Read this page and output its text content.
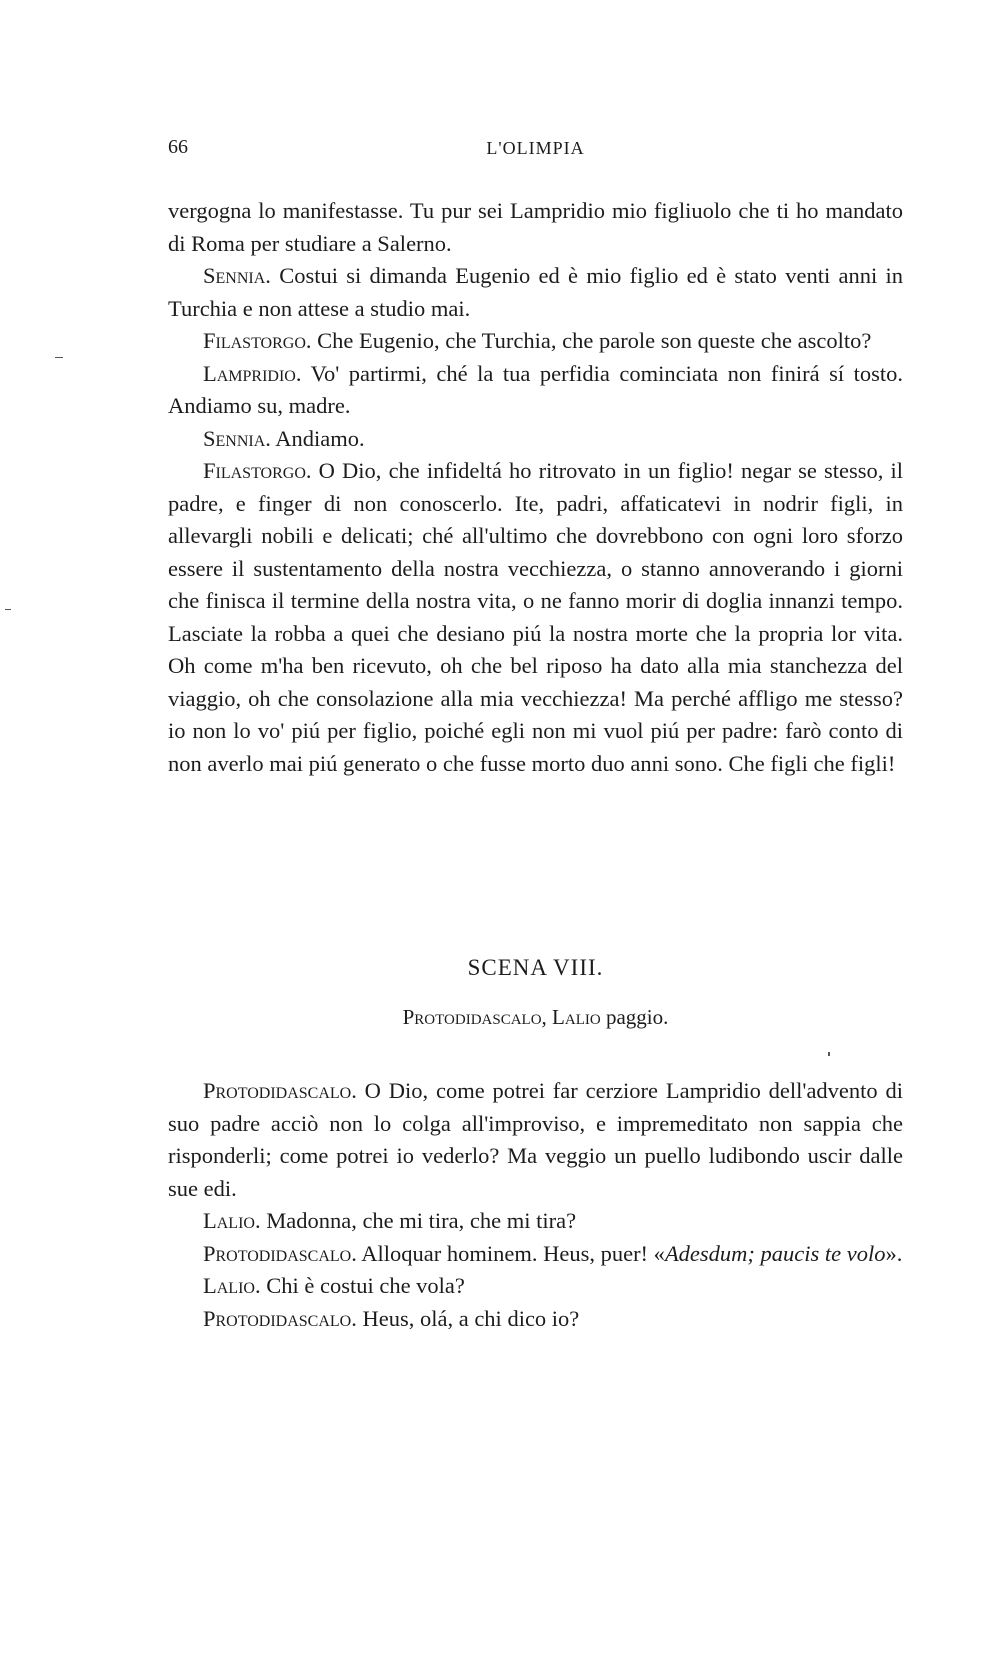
66	L'OLIMPIA

vergogna lo manifestasse. Tu pur sei Lampridio mio figliuolo che ti ho mandato di Roma per studiare a Salerno.

Sennia. Costui si dimanda Eugenio ed è mio figlio ed è stato venti anni in Turchia e non attese a studio mai.

Filastorgo. Che Eugenio, che Turchia, che parole son queste che ascolto?

Lampridio. Vo' partirmi, ché la tua perfidia cominciata non finirá sí tosto. Andiamo su, madre.

Sennia. Andiamo.

Filastorgo. O Dio, che infideltá ho ritrovato in un figlio! negar se stesso, il padre, e finger di non conoscerlo. Ite, padri, affaticatevi in nodrir figli, in allevargli nobili e delicati; ché all'ultimo che dovrebbono con ogni loro sforzo essere il sustentamento della nostra vecchiezza, o stanno annoverando i giorni che finisca il termine della nostra vita, o ne fanno morir di doglia innanzi tempo. Lasciate la robba a quei che desiano piú la nostra morte che la propria lor vita. Oh come m'ha ben ricevuto, oh che bel riposo ha dato alla mia stanchezza del viaggio, oh che consolazione alla mia vecchiezza! Ma perché affligo me stesso? io non lo vo' piú per figlio, poiché egli non mi vuol piú per padre: farò conto di non averlo mai piú generato o che fusse morto duo anni sono. Che figli che figli!

SCENA VIII.
Protodidascalo, Lalio paggio.

Protodidascalo. O Dio, come potrei far cerziore Lampridio dell'advento di suo padre acciò non lo colga all'improviso, e impremeditato non sappia che risponderli; come potrei io vederlo? Ma veggio un puello ludibondo uscir dalle sue edi.

Lalio. Madonna, che mi tira, che mi tira?

Protodidascalo. Alloquar hominem. Heus, puer! «Adesdum; paucis te volo».

Lalio. Chi è costui che vola?

Protodidascalo. Heus, olá, a chi dico io?
